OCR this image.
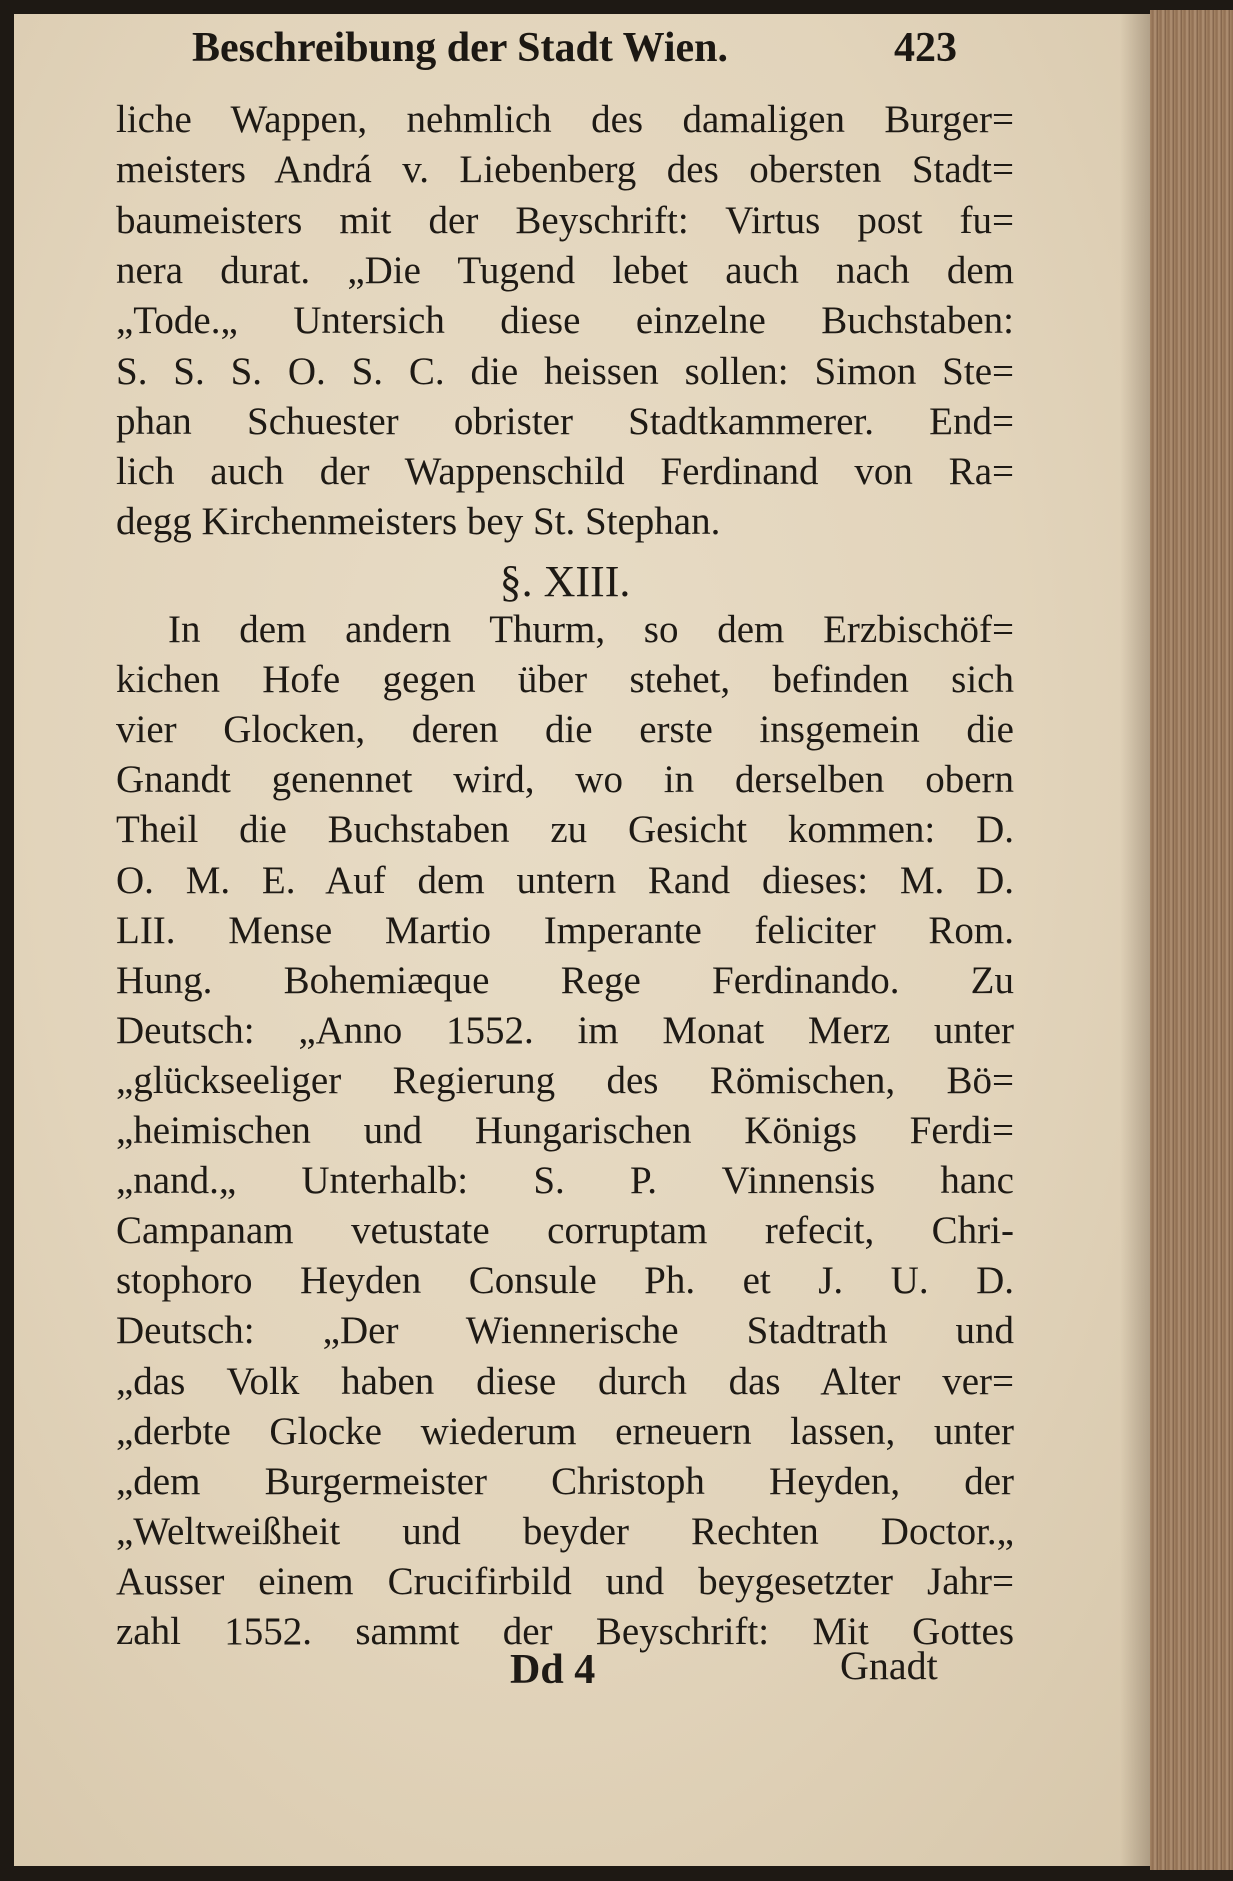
Beschreibung der Stadt Wien.	423
liche Wappen, nehmlich des damaligen Burger=
meisters Andrá v. Liebenberg des obersten Stadt=
baumeisters mit der Beyschrift: Virtus post fu=
nera durat. „Die Tugend lebet auch nach dem
„Tode.„ Untersich diese einzelne Buchstaben:
S. S. S. O. S. C. die heissen sollen: Simon Ste=
phan Schuester obrister Stadtkammerer. End=
lich auch der Wappenschild Ferdinand von Ra=
degg Kirchenmeisters bey St. Stephan.
§. XIII.
In dem andern Thurm, so dem Erzbischöf=
kichen Hofe gegen über stehet, befinden sich
vier Glocken, deren die erste insgemein die
Gnandt genennet wird, wo in derselben obern
Theil die Buchstaben zu Gesicht kommen: D.
O. M. E. Auf dem untern Rand dieses: M. D.
LII. Mense Martio Imperante feliciter Rom.
Hung. Bohemiæque Rege Ferdinando. Zu
Deutsch: „Anno 1552. im Monat Merz unter
„glückseeliger Regierung des Römischen, Bö=
„heimischen und Hungarischen Königs Ferdi=
„nand.„ Unterhalb: S. P. Vinnensis hanc
Campanam vetustate corruptam refecit, Chri-
stophoro Heyden Consule Ph. et J. U. D.
Deutsch: „Der Wiennerische Stadtrath und
„das Volk haben diese durch das Alter ver=
„derbte Glocke wiederum erneuern lassen, unter
„dem Burgermeister Christoph Heyden, der
„Weltweißheit und beyder Rechten Doctor.„
Ausser einem Crucifirbild und beygesetzter Jahr=
zahl 1552. sammt der Beyschrift: Mit Gottes
Dd 4	Gnadt
